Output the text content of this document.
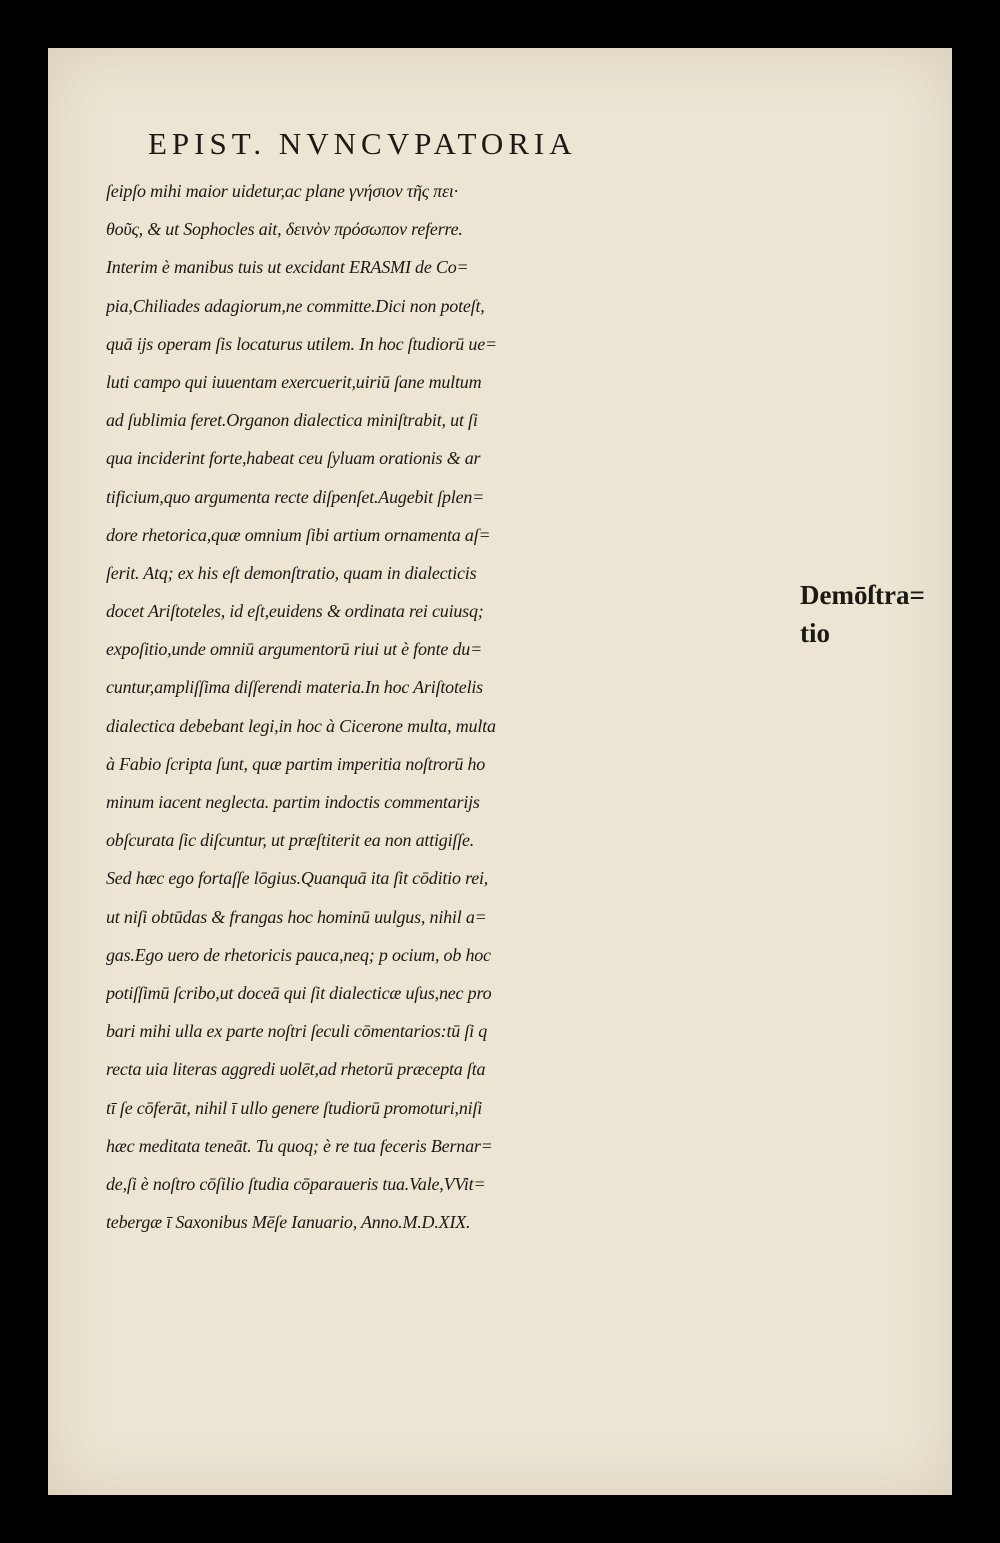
EPIST. NVNCVPATORIA
ſeipſo mihi maior uidetur,ac plane γνήσιον τῆς πει·
θοῦς, & ut Sophocles ait, δεινὸν πρόσωπον referre.
Interim è manibus tuis ut excidant ERASMI de Co=
pia,Chiliades adagiorum,ne committe.Dici non poteſt,
quā ijs operam ſis locaturus utilem. In hoc ſtudiorū ue=
luti campo qui iuuentam exercuerit,uiriū ſane multum
ad ſublimia feret.Organon dialectica miniſtrabit, ut ſi
qua inciderint forte,habeat ceu ſyluam orationis & ar
tificium,quo argumenta recte diſpenſet.Augebit ſplen=
dore rhetorica,quæ omnium ſibi artium ornamenta aſ=
ſerit. Atq; ex his eſt demonſtratio, quam in dialecticis
docet Ariſtoteles, id eſt,euidens & ordinata rei cuiusq;
expoſitio,unde omniū argumentorū riui ut è fonte du=
cuntur,ampliſſima diſſerendi materia.In hoc Ariſtotelis
dialectica debebant legi,in hoc à Cicerone multa, multa
à Fabio ſcripta ſunt, quæ partim imperitia noſtrorū ho
minum iacent neglecta. partim indoctis commentarijs
obſcurata ſic diſcuntur, ut præſtiterit ea non attigiſſe.
Sed hæc ego fortaſſe lōgius.Quanquā ita ſit cōditio rei,
ut niſi obtūdas & frangas hoc hominū uulgus, nihil a=
gas.Ego uero de rhetoricis pauca,neq; p ocium, ob hoc
potiſſimū ſcribo,ut doceā qui ſit dialecticæ uſus,nec pro
bari mihi ulla ex parte noſtri ſeculi cōmentarios:tū ſi q
recta uia literas aggredi uolēt,ad rhetorū præcepta ſta
tī ſe cōferāt, nihil ī ullo genere ſtudiorū promoturi,niſi
hæc meditata teneāt. Tu quoq; è re tua feceris Bernar=
de,ſi è noſtro cōſilio ſtudia cōparaueris tua.Vale,VVit=
tebergæ ī Saxonibus Mēſe Ianuario, Anno.M.D.XIX.
Demōſtra=
tio
